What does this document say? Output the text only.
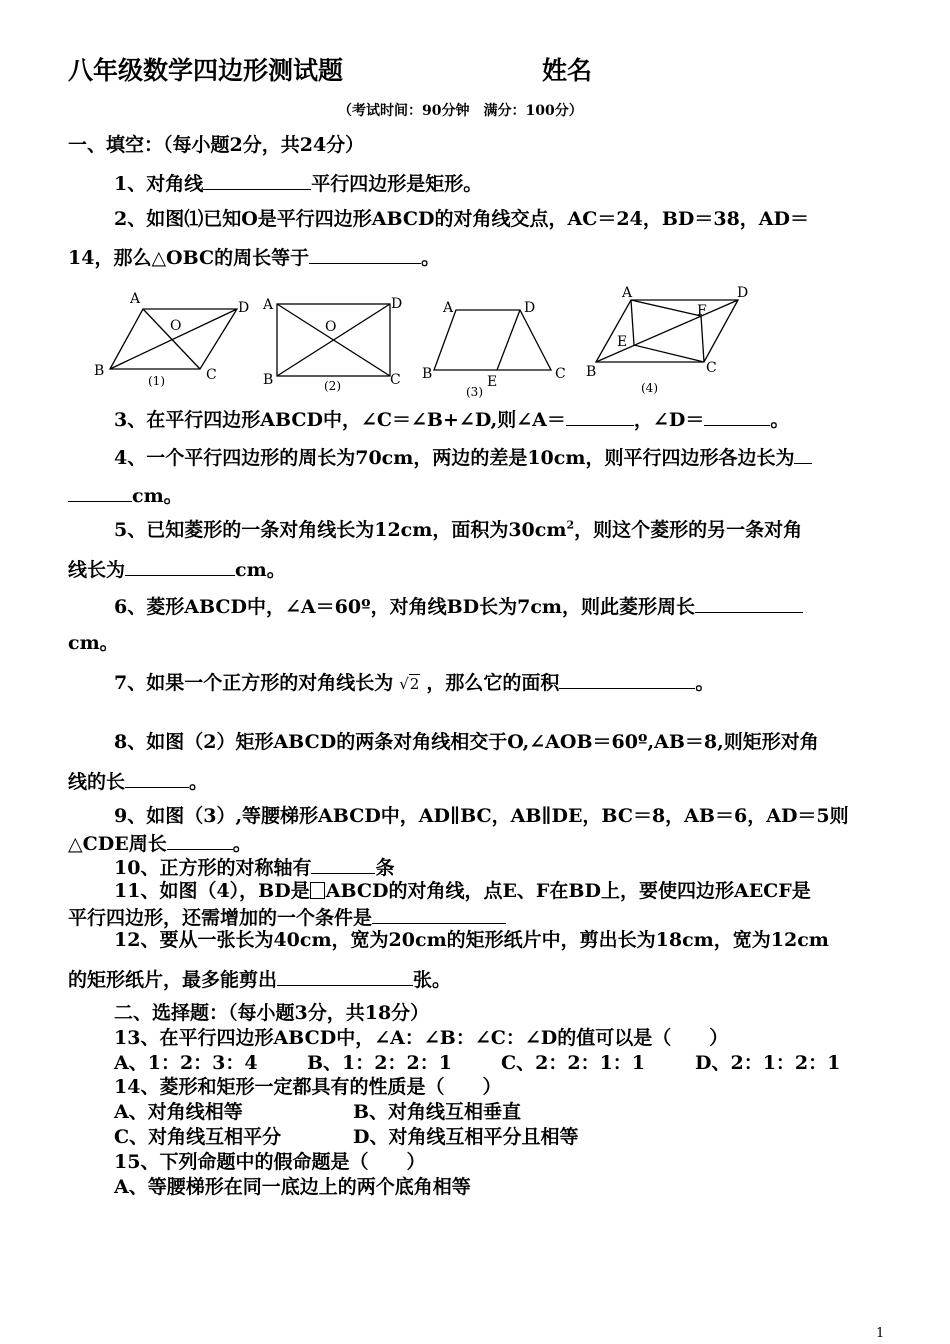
八年级数学四边形测试题	姓名
（考试时间：90分钟　满分：100分）
一、填空：（每小题2分，共24分）
1、对角线	平行四边形是矩形。
2、如图⑴已知O是平行四边形ABCD的对角线交点，AC＝24，BD＝38，AD＝
14，那么△OBC的周长等于	。
A
D
O
B	C
(1)
A	D
O
B	C
(2)
A	D
B	C
E
(3)
A	D
F
E
B	C
(4)
3、在平行四边形ABCD中，∠C＝∠B+∠D,则∠A＝	，∠D＝	。
4、一个平行四边形的周长为70cm，两边的差是10cm，则平行四边形各边长为
cm。
5、已知菱形的一条对角线长为12cm，面积为$30cm^2$，则这个菱形的另一条对角
线长为	cm。
6、菱形ABCD中，∠A＝60º，对角线BD长为7cm，则此菱形周长
cm。
7、如果一个正方形的对角线长为 √2 ，那么它的面积	。
8、如图（2）矩形ABCD的两条对角线相交于O,∠AOB＝60º,AB＝8,则矩形对角
线的长	。
9、如图（3）,等腰梯形ABCD中，AD∥BC，AB∥DE，BC＝8，AB＝6，AD＝5则
△CDE周长	。
10、正方形的对称轴有	条
11、如图（4），BD是 ABCD的对角线，点E、F在BD上，要使四边形AECF是
平行四边形，还需增加的一个条件是
12、要从一张长为40cm，宽为20cm的矩形纸片中，剪出长为18cm，宽为12cm
的矩形纸片，最多能剪出	张。
二、选择题：（每小题3分，共18分）
13、在平行四边形ABCD中，∠A：∠B：∠C：∠D的值可以是（　　）
A、1：2：3：4	B、1：2：2：1	C、2：2：1：1	D、2：1：2：1
14、菱形和矩形一定都具有的性质是（　　）
A、对角线相等	B、对角线互相垂直
C、对角线互相平分	D、对角线互相平分且相等
15、下列命题中的假命题是（　　）
A、等腰梯形在同一底边上的两个底角相等
1
